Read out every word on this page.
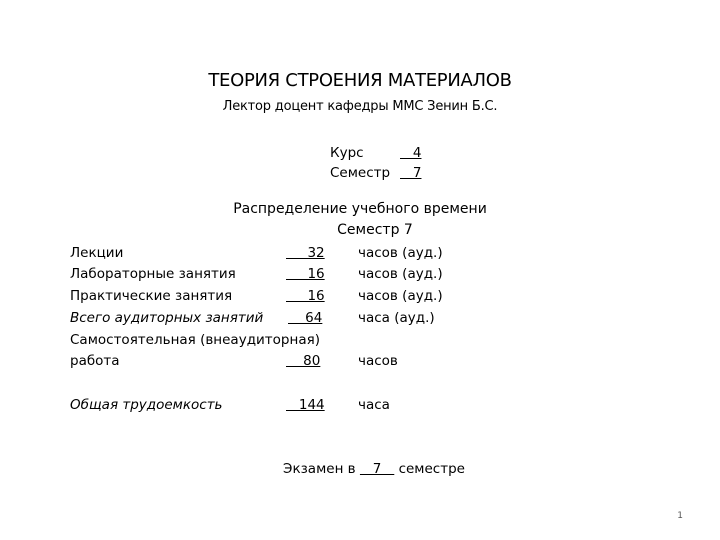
ТЕОРИЯ СТРОЕНИЯ МАТЕРИАЛОВ

Лектор доцент кафедры ММС Зенин Б.С.

Курс	4
Семестр   7
Распределение учебного времени
Семестр 7
Лекции	32 часов (ауд.)
Лабораторные занятия	16 часов (ауд.)
Практические занятия	16 часов (ауд.)
Всего аудиторных занятий 64	часа (ауд.)
Самостоятельная (внеаудиторная)
работа	80	часов
Общая трудоемкость	144 часа
Экзамен в    7    семестре
1
